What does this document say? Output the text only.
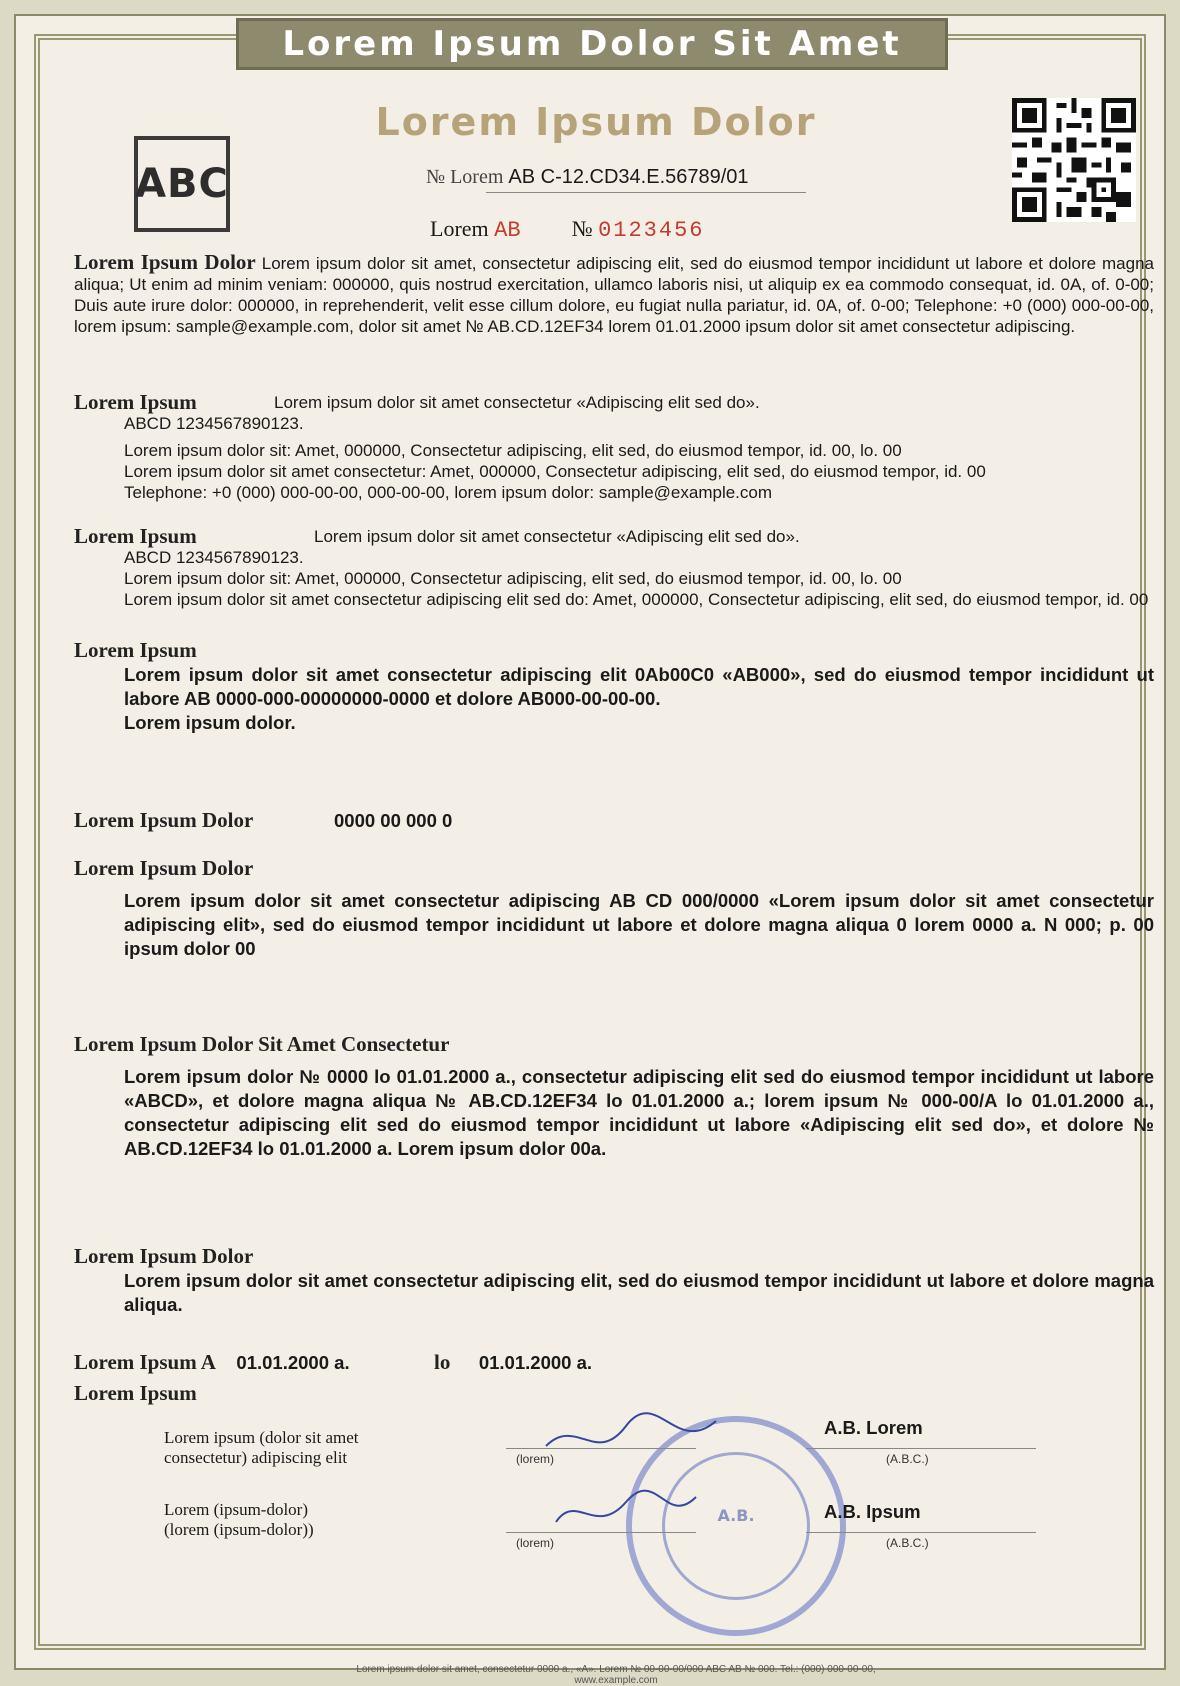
Lorem Ipsum Dolor Sit Amet
Lorem Ipsum Dolor
ABC	№ Lorem AB C-12.CD34.E.56789/01
Lorem AB № 0123456
Lorem Ipsum Dolor Lorem ipsum dolor sit amet, consectetur adipiscing elit, sed do eiusmod tempor incididunt ut labore et dolore magna aliqua; Ut enim ad minim veniam: 000000, quis nostrud exercitation, ullamco laboris nisi, ut aliquip ex ea commodo consequat, id. 0A, of. 0-00; Duis aute irure dolor: 000000, in reprehenderit, velit esse cillum dolore, eu fugiat nulla pariatur, id. 0A, of. 0-00; Telephone: +0 (000) 000-00-00, lorem ipsum: sample@example.com, dolor sit amet № AB.CD.12EF34 lorem 01.01.2000 ipsum dolor sit amet consectetur adipiscing.
Lorem Ipsum	Lorem ipsum dolor sit amet consectetur «Adipiscing elit sed do».
ABCD 1234567890123.
Lorem ipsum dolor sit: Amet, 000000, Consectetur adipiscing, elit sed, do eiusmod tempor, id. 00, lo. 00
Lorem ipsum dolor sit amet consectetur: Amet, 000000, Consectetur adipiscing, elit sed, do eiusmod tempor, id. 00
Telephone: +0 (000) 000-00-00, 000-00-00, lorem ipsum dolor: sample@example.com
Lorem Ipsum	Lorem ipsum dolor sit amet consectetur «Adipiscing elit sed do».
ABCD 1234567890123.
Lorem ipsum dolor sit: Amet, 000000, Consectetur adipiscing, elit sed, do eiusmod tempor, id. 00, lo. 00
Lorem ipsum dolor sit amet consectetur adipiscing elit sed do: Amet, 000000, Consectetur adipiscing, elit sed, do eiusmod tempor, id. 00
Lorem Ipsum
Lorem ipsum dolor sit amet consectetur adipiscing elit 0Ab00C0 «AB000», sed do eiusmod tempor incididunt ut labore AB 0000-000-00000000-0000 et dolore AB000-00-00-00.
Lorem ipsum dolor.
Lorem Ipsum Dolor	0000 00 000 0
Lorem Ipsum Dolor
Lorem ipsum dolor sit amet consectetur adipiscing AB CD 000/0000 «Lorem ipsum dolor sit amet consectetur adipiscing elit», sed do eiusmod tempor incididunt ut labore et dolore magna aliqua 0 lorem 0000 a. N 000; p. 00 ipsum dolor 00
Lorem Ipsum Dolor Sit Amet Consectetur
Lorem ipsum dolor № 0000 lo 01.01.2000 a., consectetur adipiscing elit sed do eiusmod tempor incididunt ut labore «ABCD», et dolore magna aliqua № AB.CD.12EF34 lo 01.01.2000 a.; lorem ipsum № 000-00/A lo 01.01.2000 a., consectetur adipiscing elit sed do eiusmod tempor incididunt ut labore «Adipiscing elit sed do», et dolore № AB.CD.12EF34 lo 01.01.2000 a. Lorem ipsum dolor 00a.
Lorem Ipsum Dolor
Lorem ipsum dolor sit amet consectetur adipiscing elit, sed do eiusmod tempor incididunt ut labore et dolore magna aliqua.
Lorem Ipsum A 01.01.2000 a.	lo 01.01.2000 a.
Lorem Ipsum
A.B.
Lorem ipsum (dolor sit amet
consectetur) adipiscing elit	(lorem)
A.B. Lorem
(A.B.C.)
Lorem (ipsum-dolor)
(lorem (ipsum-dolor))
(lorem)
A.B. Ipsum
(A.B.C.)
Lorem ipsum dolor sit amet, consectetur 0000 a., «A». Lorem № 00-00-00/000 ABC AB № 000. Tel.: (000) 000-00-00, www.example.com
